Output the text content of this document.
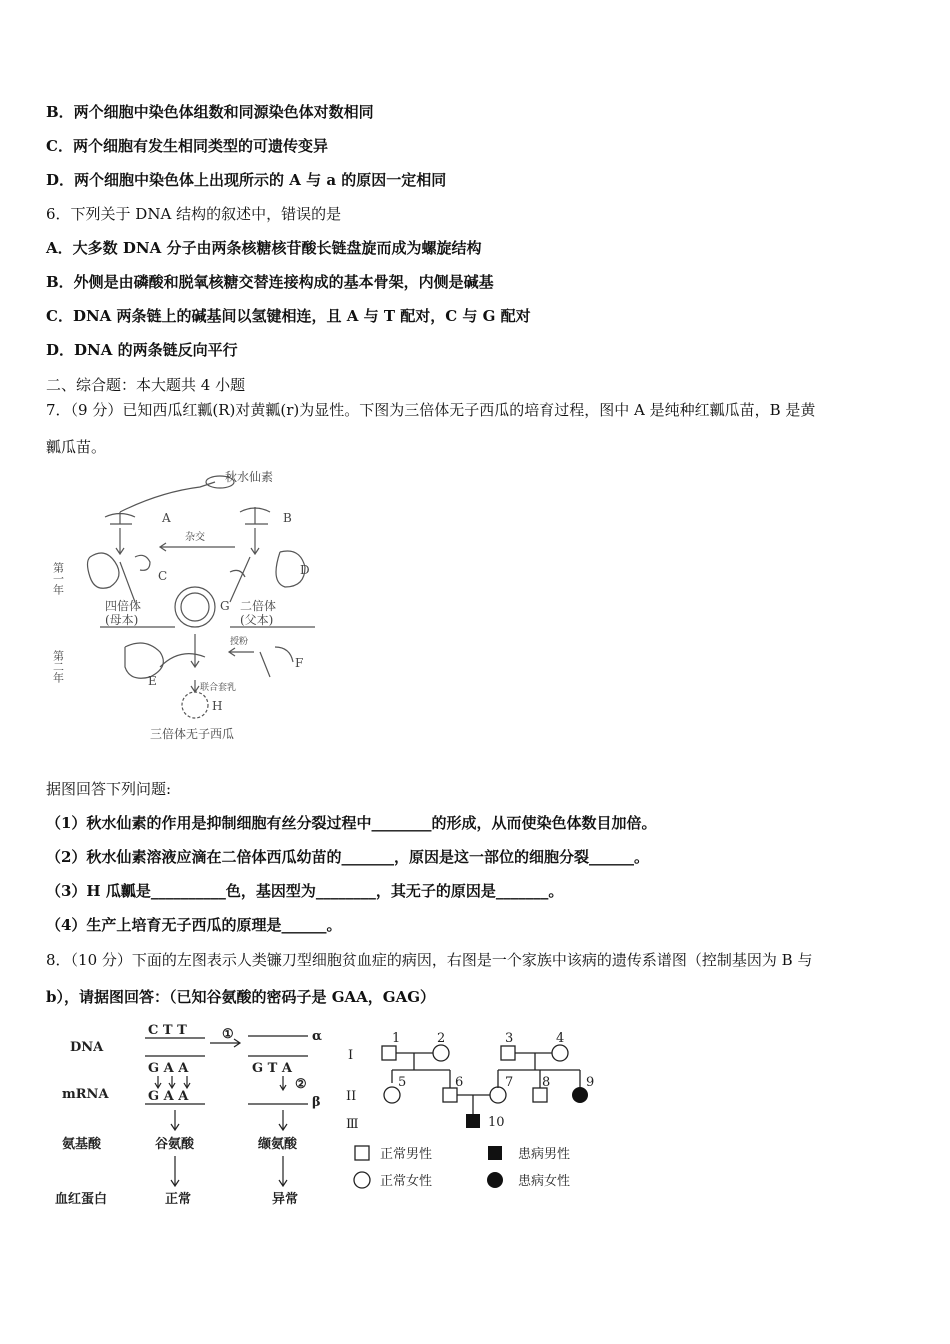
B．两个细胞中染色体组数和同源染色体对数相同
C．两个细胞有发生相同类型的可遗传变异
D．两个细胞中染色体上出现所示的 A 与 a 的原因一定相同
6．下列关于 DNA 结构的叙述中，错误的是
A．大多数 DNA 分子由两条核糖核苷酸长链盘旋而成为螺旋结构
B．外侧是由磷酸和脱氧核糖交替连接构成的基本骨架，内侧是碱基
C．DNA 两条链上的碱基间以氢键相连，且 A 与 T 配对，C 与 G 配对
D．DNA 的两条链反向平行
二、综合题：本大题共 4 小题
7．（9 分）已知西瓜红瓤(R)对黄瓤(r)为显性。下图为三倍体无子西瓜的培育过程，图中 A 是纯种红瓤瓜苗，B 是黄
瓤瓜苗。
秋水仙素
A	B
杂交
C	D
G
四倍体
(母本)
二倍体
(父本)
授粉
E
F
联合套乳
H
三倍体无子西瓜
第一年
第二年
据图回答下列问题:
（1）秋水仙素的作用是抑制细胞有丝分裂过程中________的形成，从而使染色体数目加倍。
（2）秋水仙素溶液应滴在二倍体西瓜幼苗的_______，原因是这一部位的细胞分裂______。
（3）H 瓜瓤是__________色，基因型为________，其无子的原因是_______。
（4）生产上培育无子西瓜的原理是______。
8．（10 分）下面的左图表示人类镰刀型细胞贫血症的病因，右图是一个家族中该病的遗传系谱图（控制基因为 B 与
b），请据图回答：（已知谷氨酸的密码子是 GAA，GAG）
DNA
mRNA
氨基酸
血红蛋白
C T T
G A A
G A A
G T A
①
②
α
β
谷氨酸	缬氨酸
正常	异常
I
II
Ⅲ
1	2	3	4
5	6	7 8	9
10
正常男性	患病男性
正常女性	患病女性
